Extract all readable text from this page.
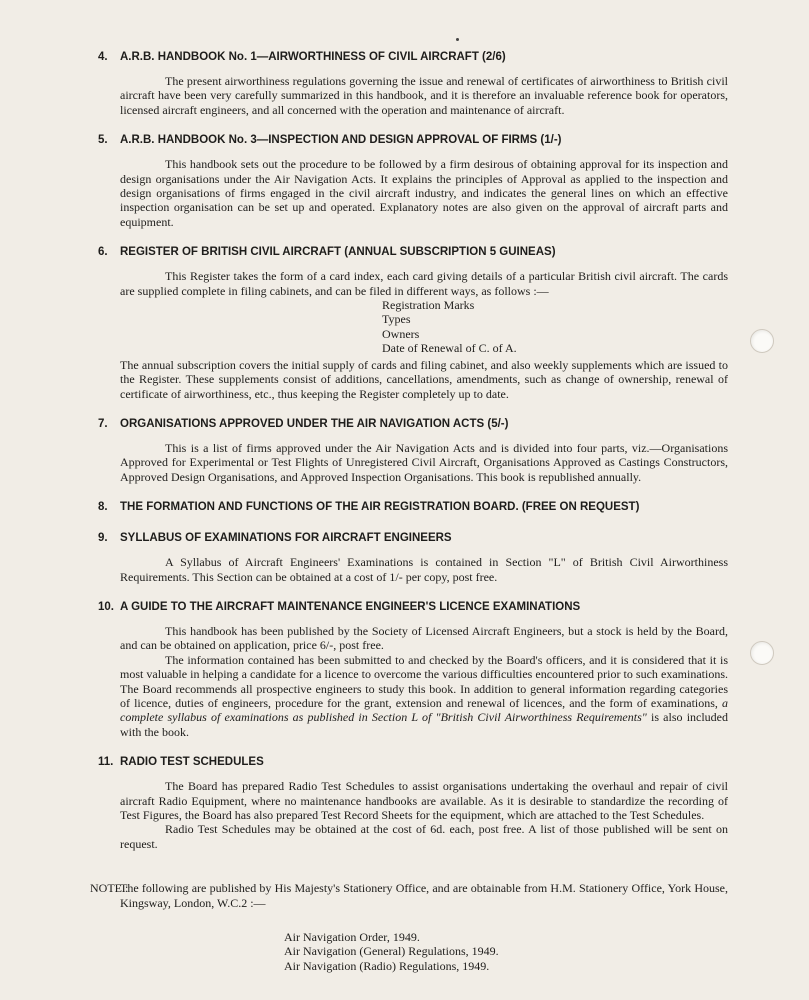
4.	A.R.B. HANDBOOK No. 1—AIRWORTHINESS OF CIVIL AIRCRAFT (2/6)

The present airworthiness regulations governing the issue and renewal of certificates of airworthiness to British civil aircraft have been very carefully summarized in this handbook, and it is therefore an invaluable reference book for operators, licensed aircraft engineers, and all concerned with the operation and maintenance of aircraft.

5.	A.R.B. HANDBOOK No. 3—INSPECTION AND DESIGN APPROVAL OF FIRMS (1/-)

This handbook sets out the procedure to be followed by a firm desirous of obtaining approval for its inspection and design organisations under the Air Navigation Acts. It explains the principles of Approval as applied to the inspection and design organisations of firms engaged in the civil aircraft industry, and indicates the general lines on which an effective inspection organisation can be set up and operated. Explanatory notes are also given on the approval of aircraft parts and equipment.

6.	REGISTER OF BRITISH CIVIL AIRCRAFT (ANNUAL SUBSCRIPTION 5 GUINEAS)

This Register takes the form of a card index, each card giving details of a particular British civil aircraft. The cards are supplied complete in filing cabinets, and can be filed in different ways, as follows :—

Registration Marks
Types
Owners
Date of Renewal of C. of A.

The annual subscription covers the initial supply of cards and filing cabinet, and also weekly supplements which are issued to the Register. These supplements consist of additions, cancellations, amendments, such as change of ownership, renewal of certificate of airworthiness, etc., thus keeping the Register completely up to date.

7.	ORGANISATIONS APPROVED UNDER THE AIR NAVIGATION ACTS (5/-)

This is a list of firms approved under the Air Navigation Acts and is divided into four parts, viz.—Organisations Approved for Experimental or Test Flights of Unregistered Civil Aircraft, Organisations Approved as Castings Constructors, Approved Design Organisations, and Approved Inspection Organisations. This book is republished annually.

8.	THE FORMATION AND FUNCTIONS OF THE AIR REGISTRATION BOARD. (FREE ON REQUEST)
9.	SYLLABUS OF EXAMINATIONS FOR AIRCRAFT ENGINEERS

A Syllabus of Aircraft Engineers' Examinations is contained in Section "L" of British Civil Airworthiness Requirements. This Section can be obtained at a cost of 1/- per copy, post free.

10. A GUIDE TO THE AIRCRAFT MAINTENANCE ENGINEER'S LICENCE EXAMINATIONS

This handbook has been published by the Society of Licensed Aircraft Engineers, but a stock is held by the Board, and can be obtained on application, price 6/-, post free.

The information contained has been submitted to and checked by the Board's officers, and it is considered that it is most valuable in helping a candidate for a licence to overcome the various difficulties encountered prior to such examinations. The Board recommends all prospective engineers to study this book. In addition to general information regarding categories of licence, duties of engineers, procedure for the grant, extension and renewal of licences, and the form of examinations, a complete syllabus of examinations as published in Section L of "British Civil Airworthiness Requirements" is also included with the book.

11. RADIO TEST SCHEDULES

The Board has prepared Radio Test Schedules to assist organisations undertaking the overhaul and repair of civil aircraft Radio Equipment, where no maintenance handbooks are available. As it is desirable to standardize the recording of Test Figures, the Board has also prepared Test Record Sheets for the equipment, which are attached to the Test Schedules.

Radio Test Schedules may be obtained at the cost of 6d. each, post free. A list of those published will be sent on request.

NOTE :
The following are published by His Majesty's Stationery Office, and are obtainable from H.M. Stationery Office, York House, Kingsway, London, W.C.2 :—
Air Navigation Order, 1949.
Air Navigation (General) Regulations, 1949.
Air Navigation (Radio) Regulations, 1949.
